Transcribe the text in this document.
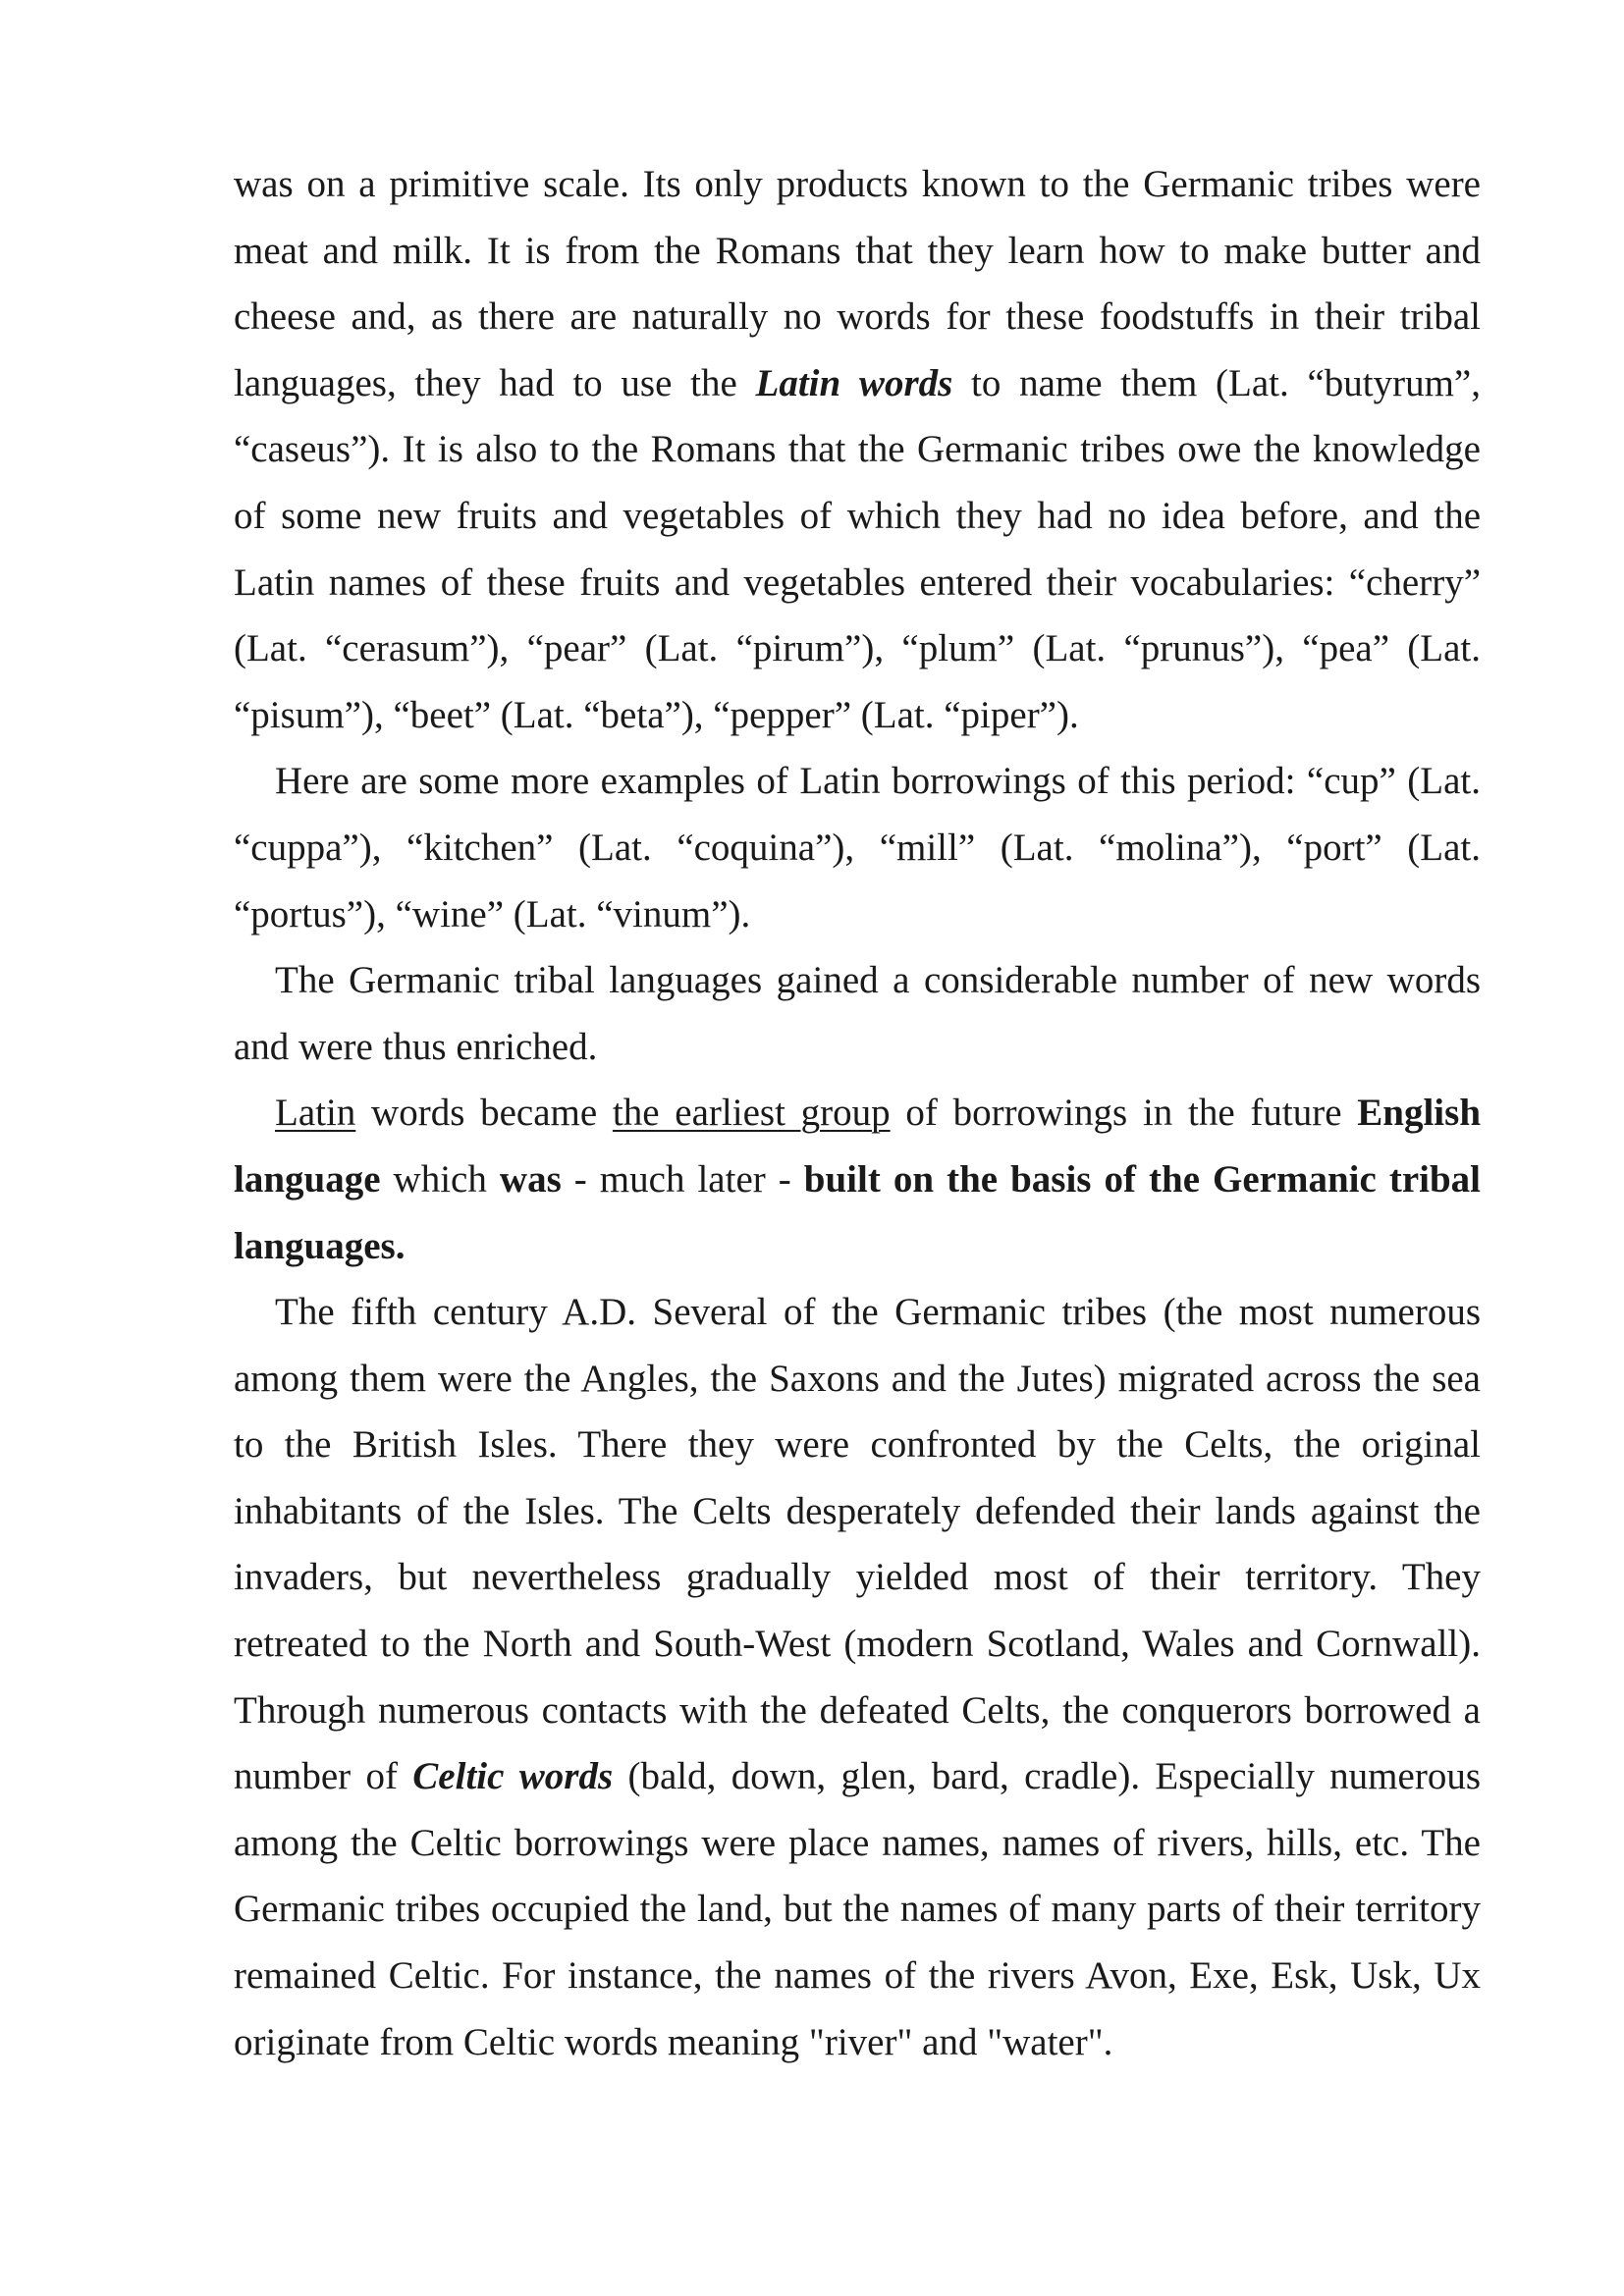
was on a primitive scale. Its only products known to the Germanic tribes were meat and milk. It is from the Romans that they learn how to make butter and cheese and, as there are naturally no words for these foodstuffs in their tribal languages, they had to use the Latin words to name them (Lat. “butyrum”, “caseus”). It is also to the Romans that the Germanic tribes owe the knowledge of some new fruits and vegetables of which they had no idea before, and the Latin names of these fruits and vegetables entered their vocabularies: “cherry” (Lat. “cerasum”), “pear” (Lat. “pirum”), “plum” (Lat. “prunus”), “pea” (Lat. “pisum”), “beet” (Lat. “beta”), “pepper” (Lat. “piper”).

Here are some more examples of Latin borrowings of this period: “cup” (Lat. “cuppa”), “kitchen” (Lat. “coquina”), “mill” (Lat. “molina”), “port” (Lat. “portus”), “wine” (Lat. “vinum”).

The Germanic tribal languages gained a considerable number of new words and were thus enriched.

Latin words became the earliest group of borrowings in the future English language which was - much later - built on the basis of the Germanic tribal languages.

The fifth century A.D. Several of the Germanic tribes (the most numerous among them were the Angles, the Saxons and the Jutes) migrated across the sea to the British Isles. There they were confronted by the Celts, the original inhabitants of the Isles. The Celts desperately defended their lands against the invaders, but nevertheless gradually yielded most of their territory. They retreated to the North and South-West (modern Scotland, Wales and Cornwall). Through numerous contacts with the defeated Celts, the conquerors borrowed a number of Celtic words (bald, down, glen, bard, cradle). Especially numerous among the Celtic borrowings were place names, names of rivers, hills, etc. The Germanic tribes occupied the land, but the names of many parts of their territory remained Celtic. For instance, the names of the rivers Avon, Exe, Esk, Usk, Ux originate from Celtic words meaning "river" and "water".
